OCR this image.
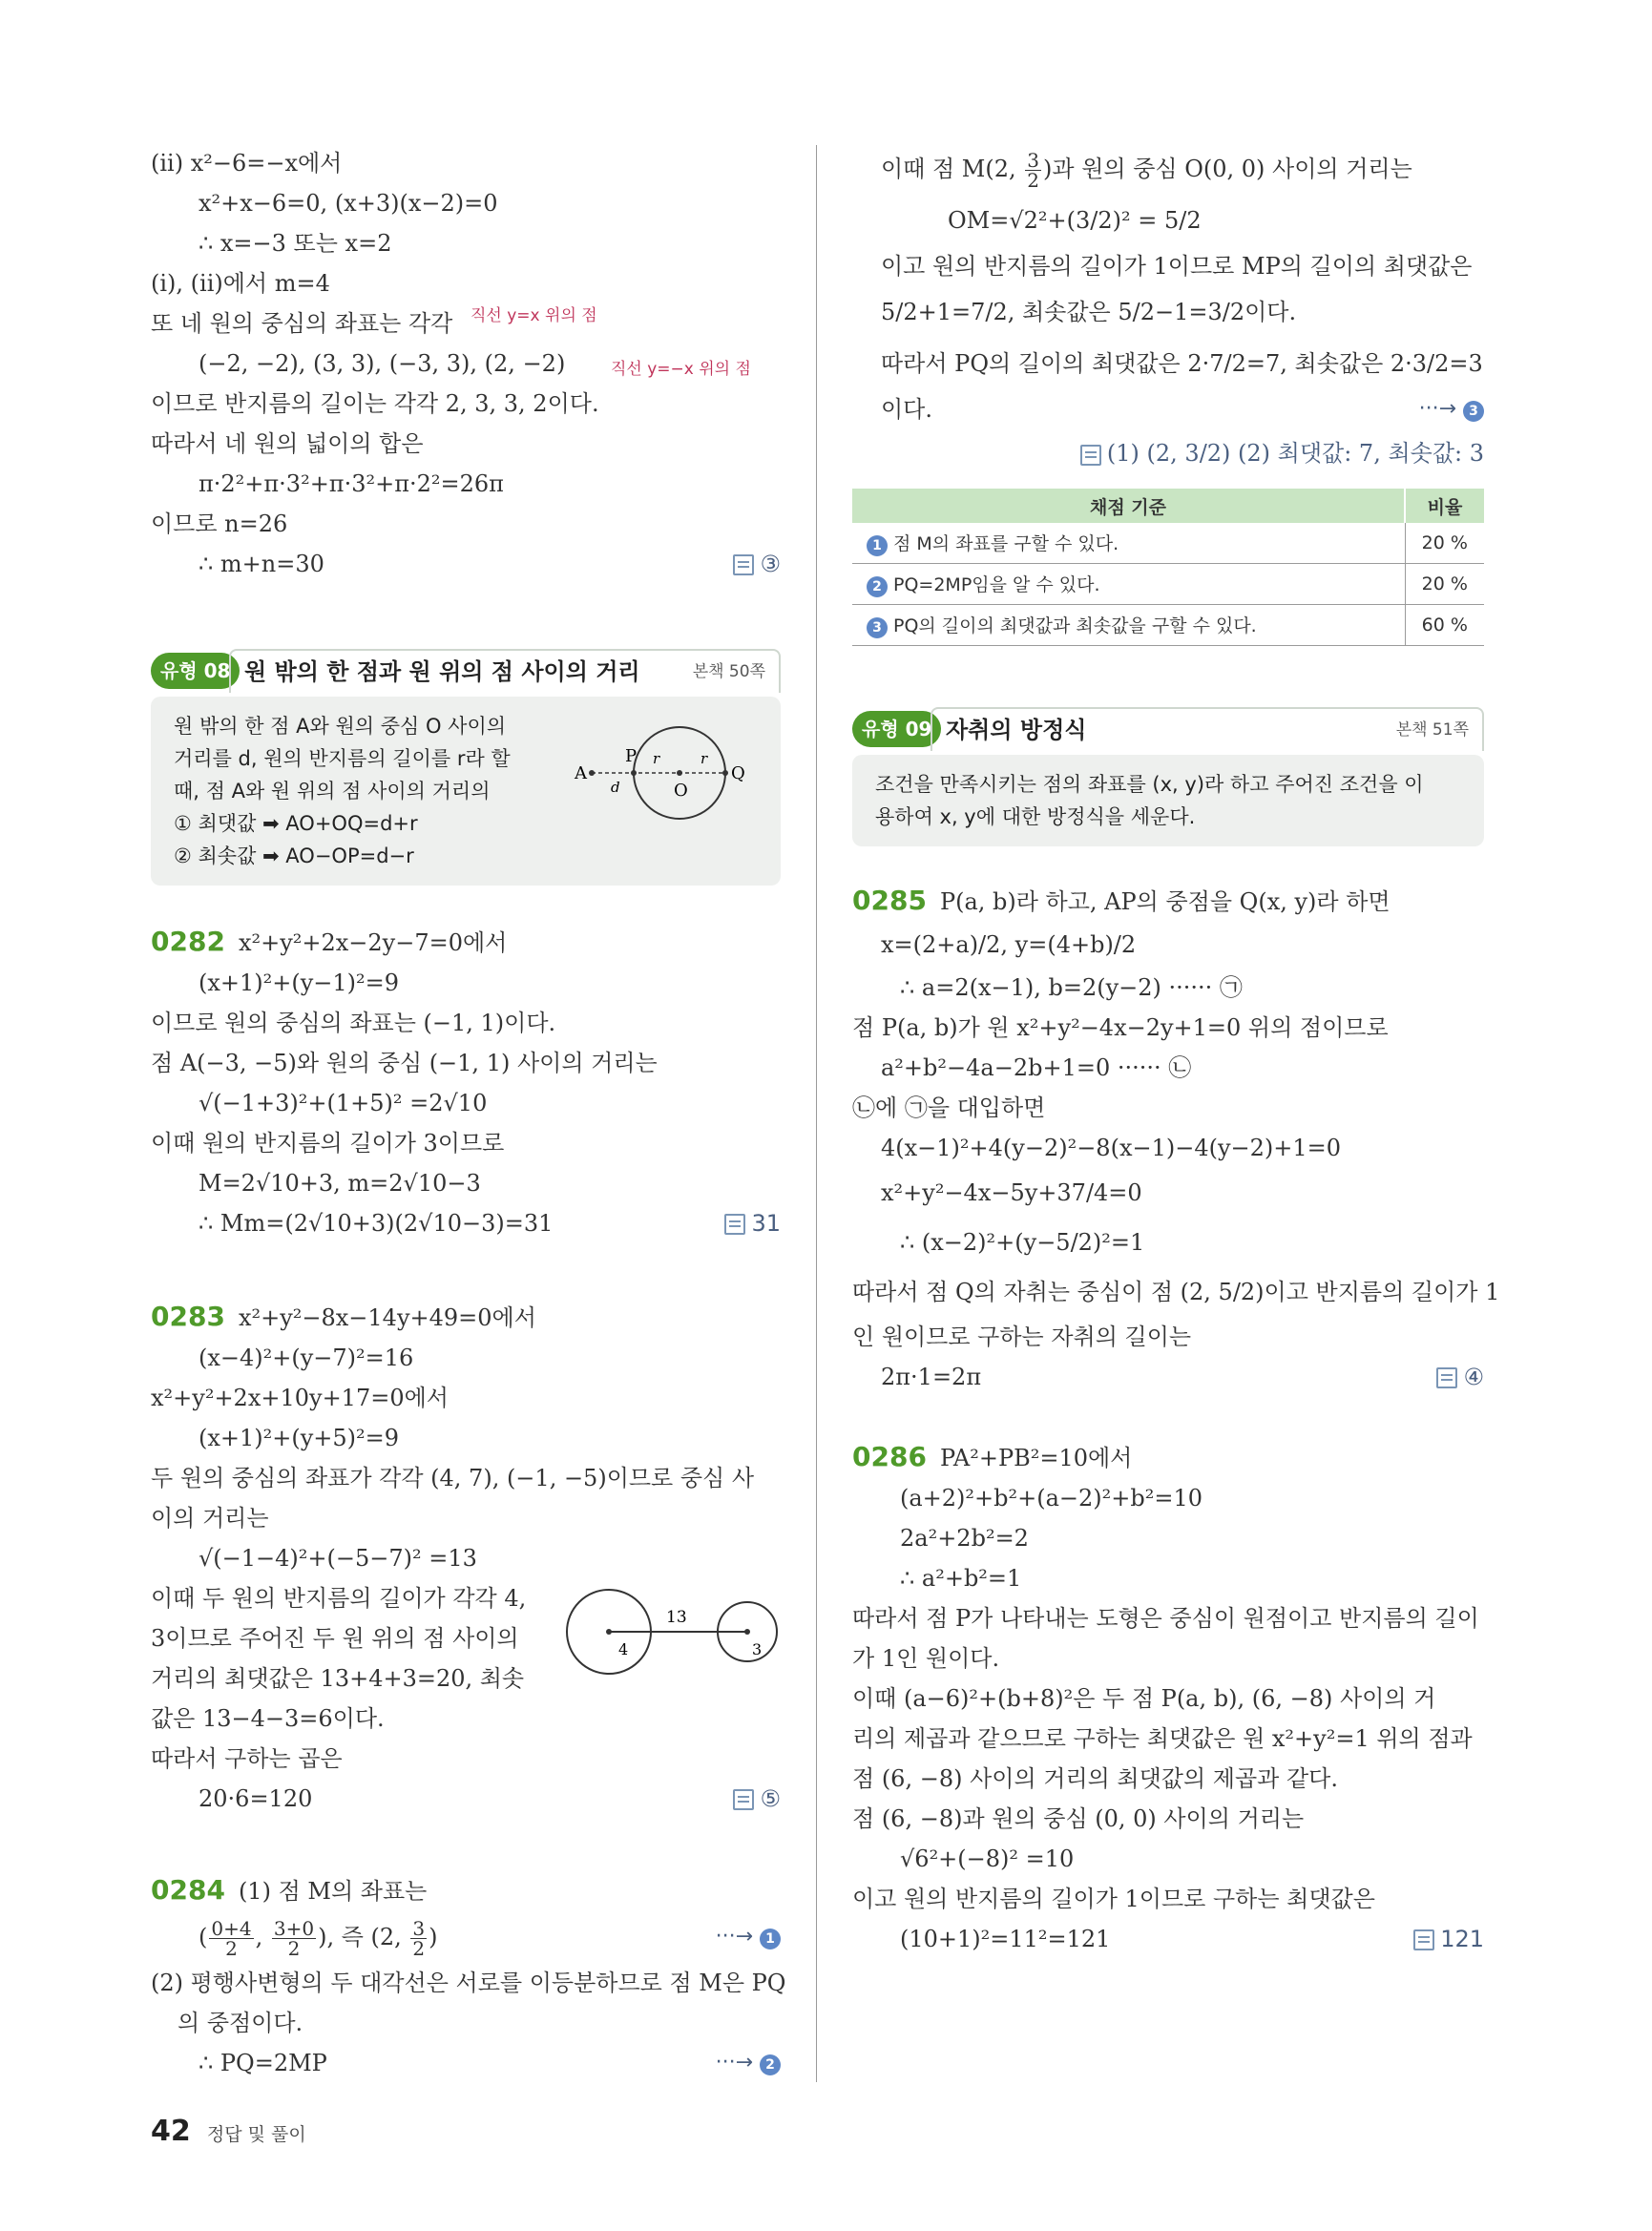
(ii) x²−6=−x에서
x²+x−6=0, (x+3)(x−2)=0
∴ x=−3 또는 x=2
(i), (ii)에서 m=4
또 네 원의 중심의 좌표는 각각 직선 y=x 위의 점
(−2, −2), (3, 3), (−3, 3), (2, −2)	직선 y=−x 위의 점
이므로 반지름의 길이는 각각 2, 3, 3, 2이다.
따라서 네 원의 넓이의 합은
π·2²+π·3²+π·3²+π·2²=26π
이므로 n=26
∴ m+n=30	③
유형 08 원 밖의 한 점과 원 위의 점 사이의 거리	본책 50쪽
원 밖의 한 점 A와 원의 중심 O 사이의
거리를 d, 원의 반지름의 길이를 r라 할
때, 점 A와 원 위의 점 사이의 거리의
① 최댓값 ➡ AO+OQ=d+r
② 최솟값 ➡ AO−OP=d−r
A
P
O
Q
r	r
d
0282 x²+y²+2x−2y−7=0에서
(x+1)²+(y−1)²=9
이므로 원의 중심의 좌표는 (−1, 1)이다.
점 A(−3, −5)와 원의 중심 (−1, 1) 사이의 거리는
√(−1+3)²+(1+5)² =2√10
이때 원의 반지름의 길이가 3이므로
M=2√10+3, m=2√10−3
∴ Mm=(2√10+3)(2√10−3)=31	31
0283 x²+y²−8x−14y+49=0에서
(x−4)²+(y−7)²=16
x²+y²+2x+10y+17=0에서
(x+1)²+(y+5)²=9
두 원의 중심의 좌표가 각각 (4, 7), (−1, −5)이므로 중심 사
이의 거리는
√(−1−4)²+(−5−7)² =13
이때 두 원의 반지름의 길이가 각각 4,
3이므로 주어진 두 원 위의 점 사이의
거리의 최댓값은 13+4+3=20, 최솟
값은 13−4−3=6이다.
13
4	3
따라서 구하는 곱은
20·6=120	⑤
0284 (1) 점 M의 좌표는
( $\frac{0+4}{2}$ , $\frac{3+0}{2}$ ), 즉 (2, $\frac{3}{2}$ )	···→ 1
(2) 평행사변형의 두 대각선은 서로를 이등분하므로 점 M은 PQ
의 중점이다.
∴ PQ=2MP	···→ 2
이때 점 M(2, $\frac{3}{2}$ )과 원의 중심 O(0, 0) 사이의 거리는
OM=√2²+(3/2)² = 5/2
이고 원의 반지름의 길이가 1이므로 MP의 길이의 최댓값은
5/2+1=7/2, 최솟값은 5/2−1=3/2이다.
따라서 PQ의 길이의 최댓값은 2·7/2=7, 최솟값은 2·3/2=3
이다.	···→ 3
(1) (2, 3/2) (2) 최댓값: 7, 최솟값: 3
채점 기준	비율
1 점 M의 좌표를 구할 수 있다.	20 %
2 PQ=2MP임을 알 수 있다.	20 %
3 PQ의 길이의 최댓값과 최솟값을 구할 수 있다.	60 %
유형 09 자취의 방정식	본책 51쪽
조건을 만족시키는 점의 좌표를 (x, y)라 하고 주어진 조건을 이
용하여 x, y에 대한 방정식을 세운다.
0285 P(a, b)라 하고, AP의 중점을 Q(x, y)라 하면
x=(2+a)/2, y=(4+b)/2
∴ a=2(x−1), b=2(y−2) ······ ㉠
점 P(a, b)가 원 x²+y²−4x−2y+1=0 위의 점이므로
a²+b²−4a−2b+1=0 ······ ㉡
㉡에 ㉠을 대입하면
4(x−1)²+4(y−2)²−8(x−1)−4(y−2)+1=0
x²+y²−4x−5y+37/4=0
∴ (x−2)²+(y−5/2)²=1
따라서 점 Q의 자취는 중심이 점 (2, 5/2)이고 반지름의 길이가 1
인 원이므로 구하는 자취의 길이는
2π·1=2π	④
0286 PA²+PB²=10에서
(a+2)²+b²+(a−2)²+b²=10
2a²+2b²=2
∴ a²+b²=1
따라서 점 P가 나타내는 도형은 중심이 원점이고 반지름의 길이
가 1인 원이다.
이때 (a−6)²+(b+8)²은 두 점 P(a, b), (6, −8) 사이의 거
리의 제곱과 같으므로 구하는 최댓값은 원 x²+y²=1 위의 점과
점 (6, −8) 사이의 거리의 최댓값의 제곱과 같다.
점 (6, −8)과 원의 중심 (0, 0) 사이의 거리는
√6²+(−8)² =10
이고 원의 반지름의 길이가 1이므로 구하는 최댓값은
(10+1)²=11²=121	121
42 정답 및 풀이
